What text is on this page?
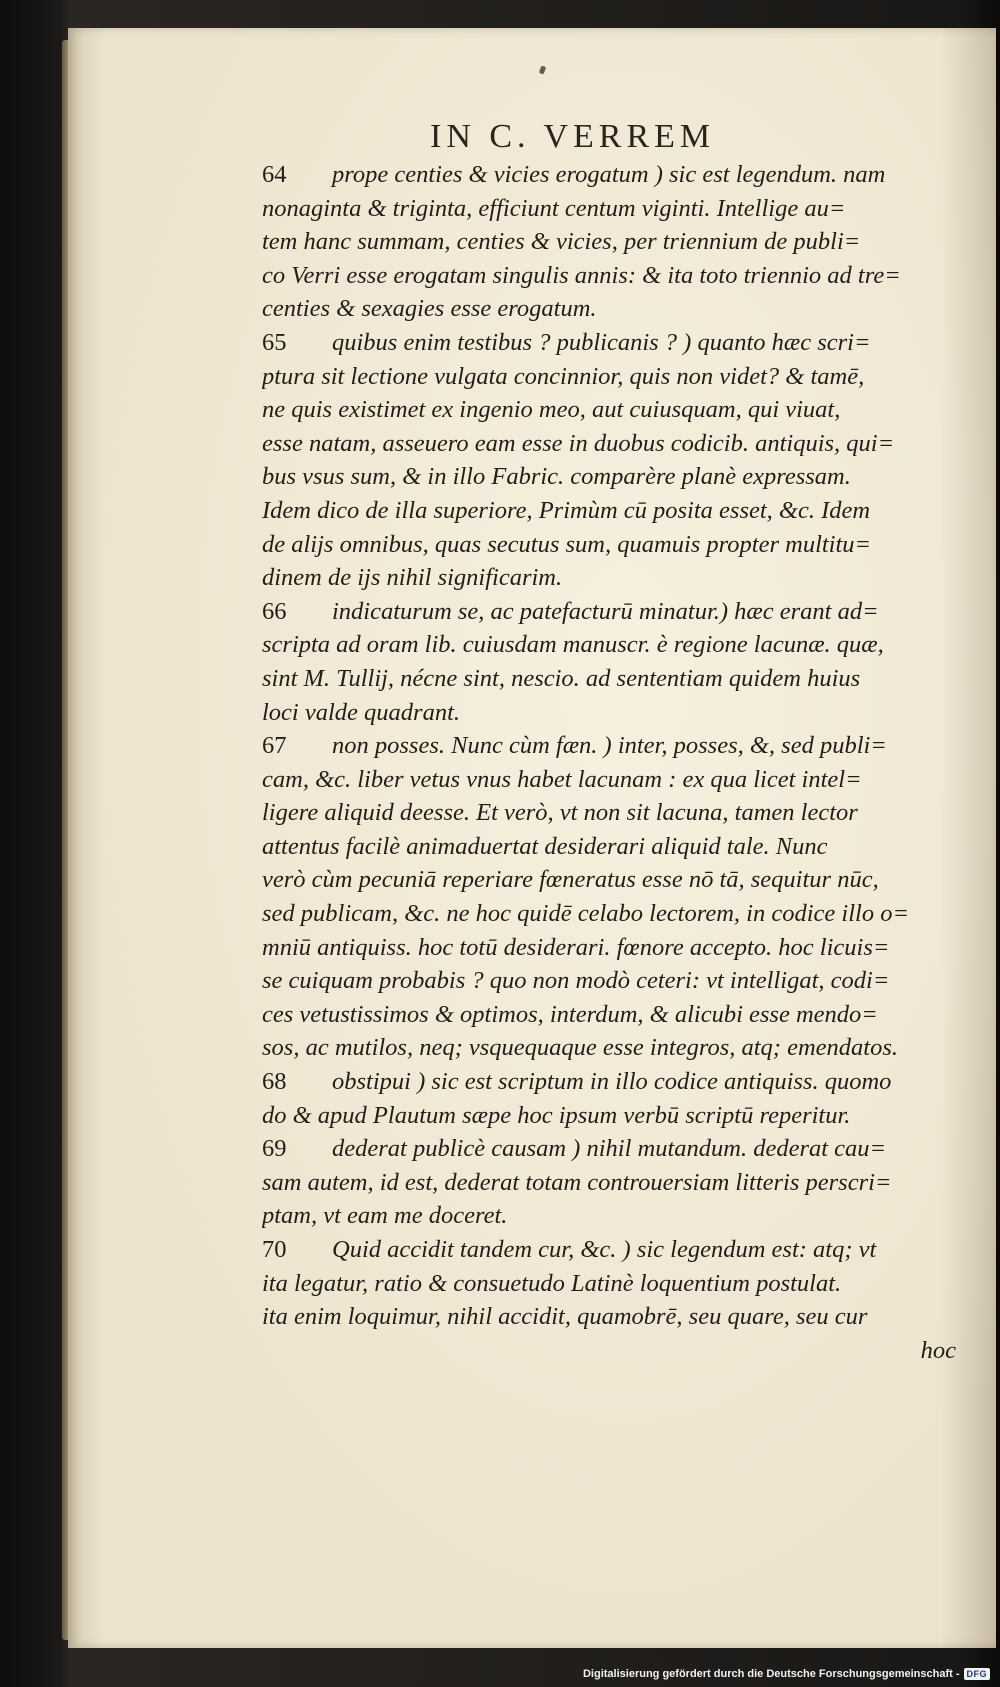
IN C. VERREM
64 prope centies & vicies erogatum ) sic est legendum. nam
nonaginta & triginta, efficiunt centum viginti. Intellige au=
tem hanc summam, centies & vicies, per triennium de publi=
co Verri esse erogatam singulis annis: & ita toto triennio ad tre=
centies & sexagies esse erogatum.
65 quibus enim testibus ? publicanis ? ) quanto hæc scri=
ptura sit lectione vulgata concinnior, quis non videt? & tamē,
ne quis existimet ex ingenio meo, aut cuiusquam, qui viuat,
esse natam, asseuero eam esse in duobus codicib. antiquis, qui=
bus vsus sum, & in illo Fabric. comparère planè expressam.
Idem dico de illa superiore, Primùm cū posita esset, &c. Idem
de alijs omnibus, quas secutus sum, quamuis propter multitu=
dinem de ijs nihil significarim.
66 indicaturum se, ac patefacturū minatur.) hæc erant ad=
scripta ad oram lib. cuiusdam manuscr. è regione lacunæ. quæ,
sint M. Tullij, nécne sint, nescio. ad sententiam quidem huius
loci valde quadrant.
67 non posses. Nunc cùm fæn. ) inter, posses, &, sed publi=
cam, &c. liber vetus vnus habet lacunam : ex qua licet intel=
ligere aliquid deesse. Et verò, vt non sit lacuna, tamen lector
attentus facilè animaduertat desiderari aliquid tale. Nunc
verò cùm pecuniā reperiare fœneratus esse nō tā, sequitur nūc,
sed publicam, &c. ne hoc quidē celabo lectorem, in codice illo o=
mniū antiquiss. hoc totū desiderari. fœnore accepto. hoc licuis=
se cuiquam probabis ? quo non modò ceteri: vt intelligat, codi=
ces vetustissimos & optimos, interdum, & alicubi esse mendo=
sos, ac mutilos, neq; vsquequaque esse integros, atq; emendatos.
68 obstipui ) sic est scriptum in illo codice antiquiss. quomo
do & apud Plautum sæpe hoc ipsum verbū scriptū reperitur.
69 dederat publicè causam ) nihil mutandum. dederat cau=
sam autem, id est, dederat totam controuersiam litteris perscri=
ptam, vt eam me doceret.
70 Quid accidit tandem cur, &c. ) sic legendum est: atq; vt
ita legatur, ratio & consuetudo Latinè loquentium postulat.
ita enim loquimur, nihil accidit, quamobrē, seu quare, seu cur
hoc
Digitalisierung gefördert durch die Deutsche Forschungsgemeinschaft - DFG
